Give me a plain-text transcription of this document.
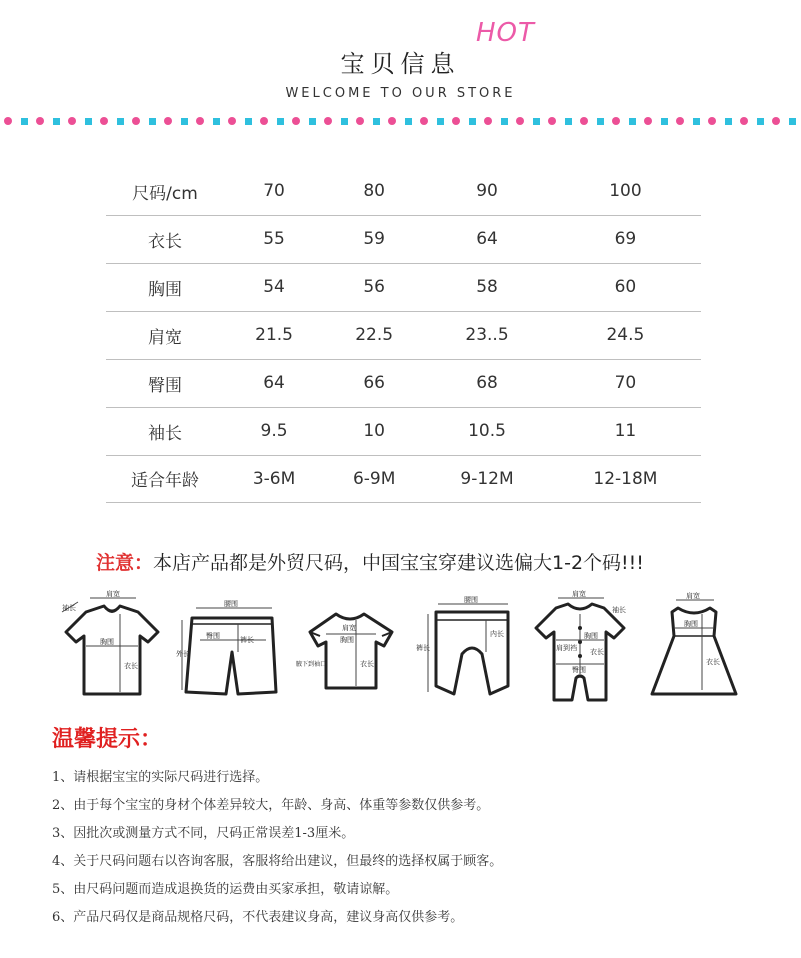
宝贝信息
HOT
WELCOME TO OUR STORE
尺码/cm	70	80	90	100
衣长	55	59	64	69
胸围	54	56	58	60
肩宽	21.5	22.5	23..5	24.5
臀围	64	66	68	70
袖长	9.5	10	10.5	11
适合年龄	3-6M	6-9M	9-12M	12-18M
注意：本店产品都是外贸尺码，中国宝宝穿建议选偏大1-2个码!!!
袖长
肩宽
胸围
衣长
腰围
臀围	裤长
外长
肩宽
胸围
衣长
腋下到袖口
腰围
内长
裤长
肩宽
袖长
肩到裆
胸围
衣长
臀围
肩宽
胸围
衣长
温馨提示：
1、请根据宝宝的实际尺码进行选择。
2、由于每个宝宝的身材个体差异较大，年龄、身高、体重等参数仅供参考。
3、因批次或测量方式不同，尺码正常误差1-3厘米。
4、关于尺码问题右以咨询客服，客服将给出建议，但最终的选择权属于顾客。
5、由尺码问题而造成退换货的运费由买家承担，敬请谅解。
6、产品尺码仅是商品规格尺码，不代表建议身高，建议身高仅供参考。
